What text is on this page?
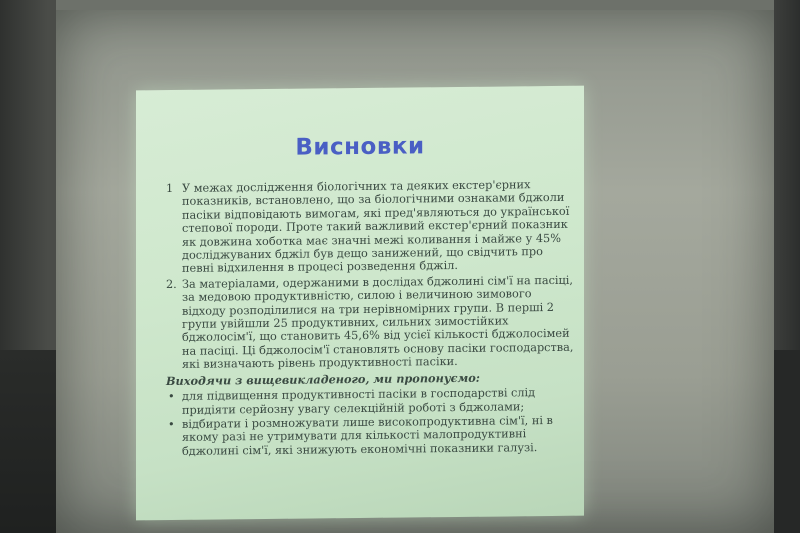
Висновки
1 У межах дослідження біологічних та деяких екстер'єрних показників, встановлено, що за біологічними ознаками бджоли пасіки відповідають вимогам, які пред'являються до української степової породи. Проте такий важливий екстер'єрний показник як довжина хоботка має значні межі коливання і майже у 45% досліджуваних бджіл був дещо занижений, що свідчить про певні відхилення в процесі розведення бджіл.
2. За матеріалами, одержаними в дослідах бджолині сім'ї на пасіці, за медовою продуктивністю, силою і величиною зимового відходу розподілилися на три нерівномірних групи. В перші 2 групи увійшли 25 продуктивних, сильних зимостійких бджолосім'ї, що становить 45,6% від усієї кількості бджолосімей на пасіці. Ці бджолосім'ї становлять основу пасіки господарства, які визначають рівень продуктивності пасіки.
Виходячи з вищевикладеного, ми пропонуємо:
• для підвищення продуктивності пасіки в господарстві слід придіяти серйозну увагу селекційній роботі з бджолами;
• відбирати і розмножувати лише високопродуктивна сім'ї, ні в якому разі не утримувати для кількості малопродуктивні бджолині сім'ї, які знижують економічні показники галузі.
